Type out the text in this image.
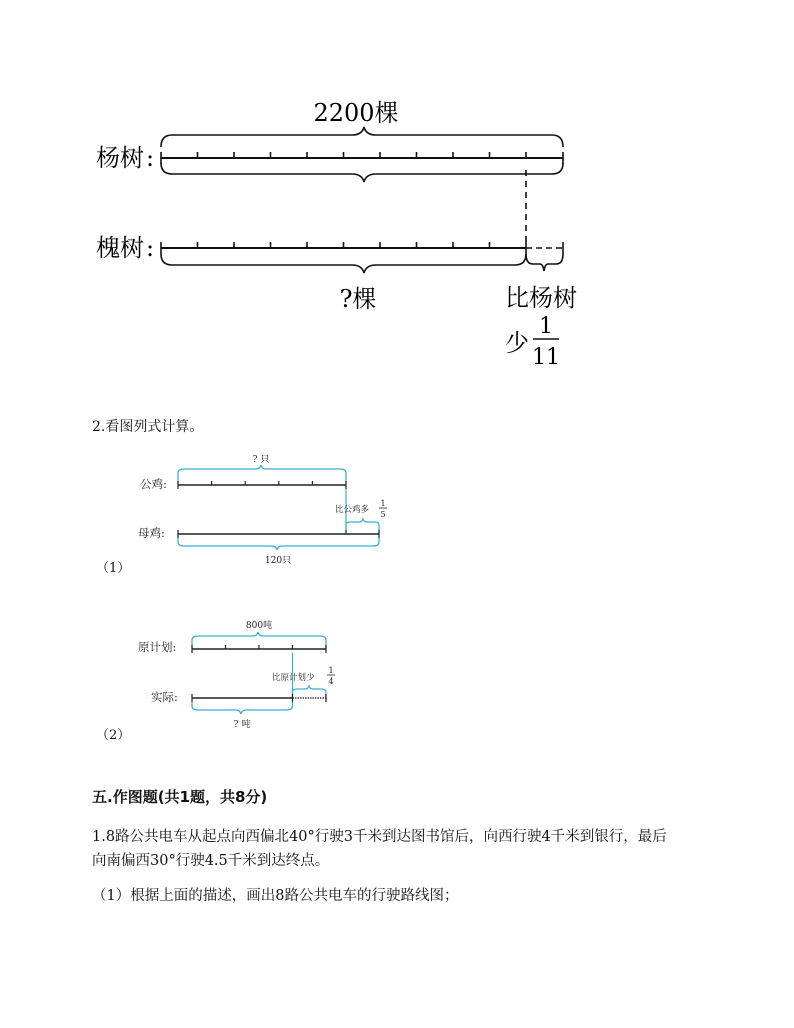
2200棵
杨树 :
槐树 :
?棵	比杨树
少
1
11
2.看图列式计算。
? 只
公鸡:
比公鸡多
1
5
母鸡:
120只
（1）
800吨
原计划:
比原计划少
1
4
实际:
? 吨
（2）
五.作图题(共1题，共8分)
1.8路公共电车从起点向西偏北40°行驶3千米到达图书馆后，向西行驶4千米到银行，最后
向南偏西30°行驶4.5千米到达终点。
（1）根据上面的描述，画出8路公共电车的行驶路线图；
